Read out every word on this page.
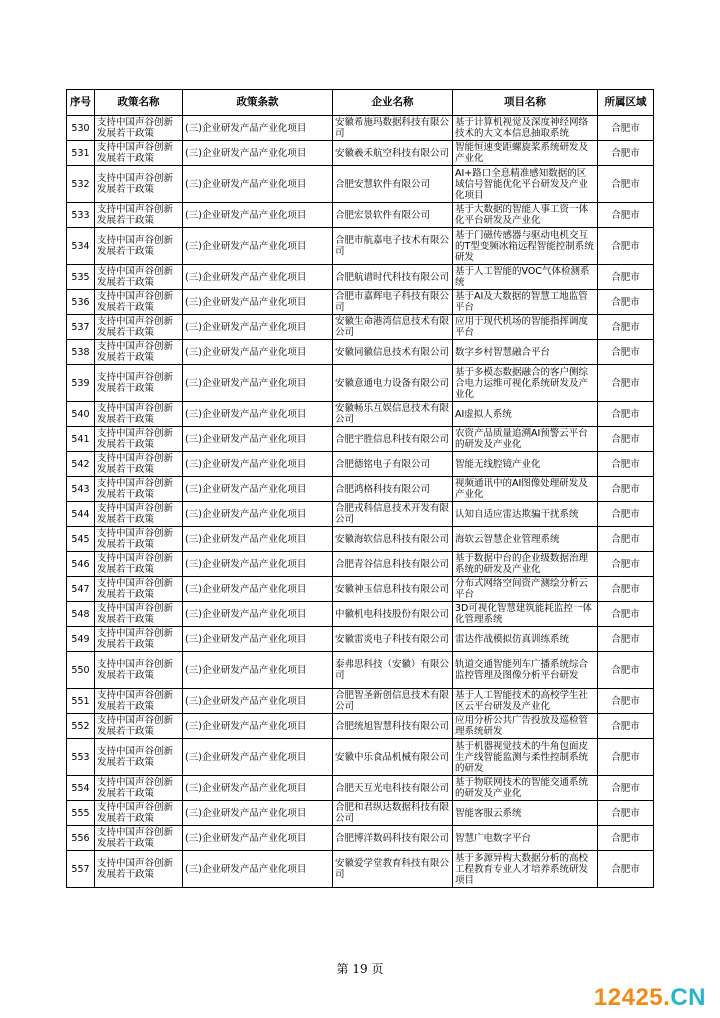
序号	政策名称	政策条款	企业名称	项目名称	所属区域
530	支持中国声谷创新发展若干政策	(三)企业研发产品产业化项目	安徽希施玛数据科技有限公司	基于计算机视觉及深度神经网络技术的大文本信息抽取系统	合肥市
531	支持中国声谷创新发展若干政策	(三)企业研发产品产业化项目	安徽羲禾航空科技有限公司	智能恒速变距螺旋桨系统研发及产业化	合肥市
532	支持中国声谷创新发展若干政策	(三)企业研发产品产业化项目	合肥安慧软件有限公司	AI+路口全息精准感知数据的区域信号智能优化平台研发及产业化项目	合肥市
533	支持中国声谷创新发展若干政策	(三)企业研发产品产业化项目	合肥宏景软件有限公司	基于大数据的智能人事工资一体化平台研发及产业化	合肥市
534	支持中国声谷创新发展若干政策	(三)企业研发产品产业化项目	合肥市航嘉电子技术有限公司	基于门磁传感器与驱动电机交互的T型变频冰箱远程智能控制系统研发	合肥市
535	支持中国声谷创新发展若干政策	(三)企业研发产品产业化项目	合肥航谱时代科技有限公司	基于人工智能的VOC气体检测系统	合肥市
536	支持中国声谷创新发展若干政策	(三)企业研发产品产业化项目	合肥市嘉辉电子科技有限公司	基于AI及大数据的智慧工地监管平台	合肥市
537	支持中国声谷创新发展若干政策	(三)企业研发产品产业化项目	安徽生命港湾信息技术有限公司	应用于现代机场的智能指挥调度平台	合肥市
538	支持中国声谷创新发展若干政策	(三)企业研发产品产业化项目	安徽同徽信息技术有限公司	数字乡村智慧融合平台	合肥市
539	支持中国声谷创新发展若干政策	(三)企业研发产品产业化项目	安徽意通电力设备有限公司	基于多模态数据融合的客户侧综合电力运维可视化系统研发及产业化	合肥市
540	支持中国声谷创新发展若干政策	(三)企业研发产品产业化项目	安徽畅乐互娱信息技术有限公司	AI虚拟人系统	合肥市
541	支持中国声谷创新发展若干政策	(三)企业研发产品产业化项目	合肥宇胜信息科技有限公司	农资产品质量追溯AI预警云平台的研发及产业化	合肥市
542	支持中国声谷创新发展若干政策	(三)企业研发产品产业化项目	合肥德铭电子有限公司	智能无线腔镜产业化	合肥市
543	支持中国声谷创新发展若干政策	(三)企业研发产品产业化项目	合肥鸿格科技有限公司	视频通讯中的AI图像处理研发及产业化	合肥市
544	支持中国声谷创新发展若干政策	(三)企业研发产品产业化项目	合肥戎科信息技术开发有限公司	认知自适应雷达欺骗干扰系统	合肥市
545	支持中国声谷创新发展若干政策	(三)企业研发产品产业化项目	安徽海软信息科技有限公司	海软云智慧企业管理系统	合肥市
546	支持中国声谷创新发展若干政策	(三)企业研发产品产业化项目	合肥青谷信息科技有限公司	基于数据中台的企业级数据治理系统的研发及产业化	合肥市
547	支持中国声谷创新发展若干政策	(三)企业研发产品产业化项目	安徽神玉信息科技有限公司	分布式网络空间资产测绘分析云平台	合肥市
548	支持中国声谷创新发展若干政策	(三)企业研发产品产业化项目	中徽机电科技股份有限公司	3D可视化智慧建筑能耗监控一体化管理系统	合肥市
549	支持中国声谷创新发展若干政策	(三)企业研发产品产业化项目	安徽雷炎电子科技有限公司	雷达作战模拟仿真训练系统	合肥市
550	支持中国声谷创新发展若干政策	(三)企业研发产品产业化项目	泰弗思科技（安徽）有限公司	轨道交通智能列车广播系统综合监控管理及图像分析平台研发	合肥市
551	支持中国声谷创新发展若干政策	(三)企业研发产品产业化项目	合肥智圣新创信息技术有限公司	基于人工智能技术的高校学生社区云平台研发及产业化	合肥市
552	支持中国声谷创新发展若干政策	(三)企业研发产品产业化项目	合肥统旭智慧科技有限公司	应用分析公共广告投放及巡检管理系统研发	合肥市
553	支持中国声谷创新发展若干政策	(三)企业研发产品产业化项目	安徽中乐食品机械有限公司	基于机器视觉技术的牛角包面皮生产线智能监测与柔性控制系统的研发	合肥市
554	支持中国声谷创新发展若干政策	(三)企业研发产品产业化项目	合肥天互光电科技有限公司	基于物联网技术的智能交通系统的研发及产业化	合肥市
555	支持中国声谷创新发展若干政策	(三)企业研发产品产业化项目	合肥和君纵达数据科技有限公司	智能客服云系统	合肥市
556	支持中国声谷创新发展若干政策	(三)企业研发产品产业化项目	合肥博洋数码科技有限公司	智慧广电数字平台	合肥市
557	支持中国声谷创新发展若干政策	(三)企业研发产品产业化项目	安徽爱学堂教育科技有限公司	基于多源异构大数据分析的高校工程教育专业人才培养系统研发项目	合肥市
第 19 页
12425.CN
